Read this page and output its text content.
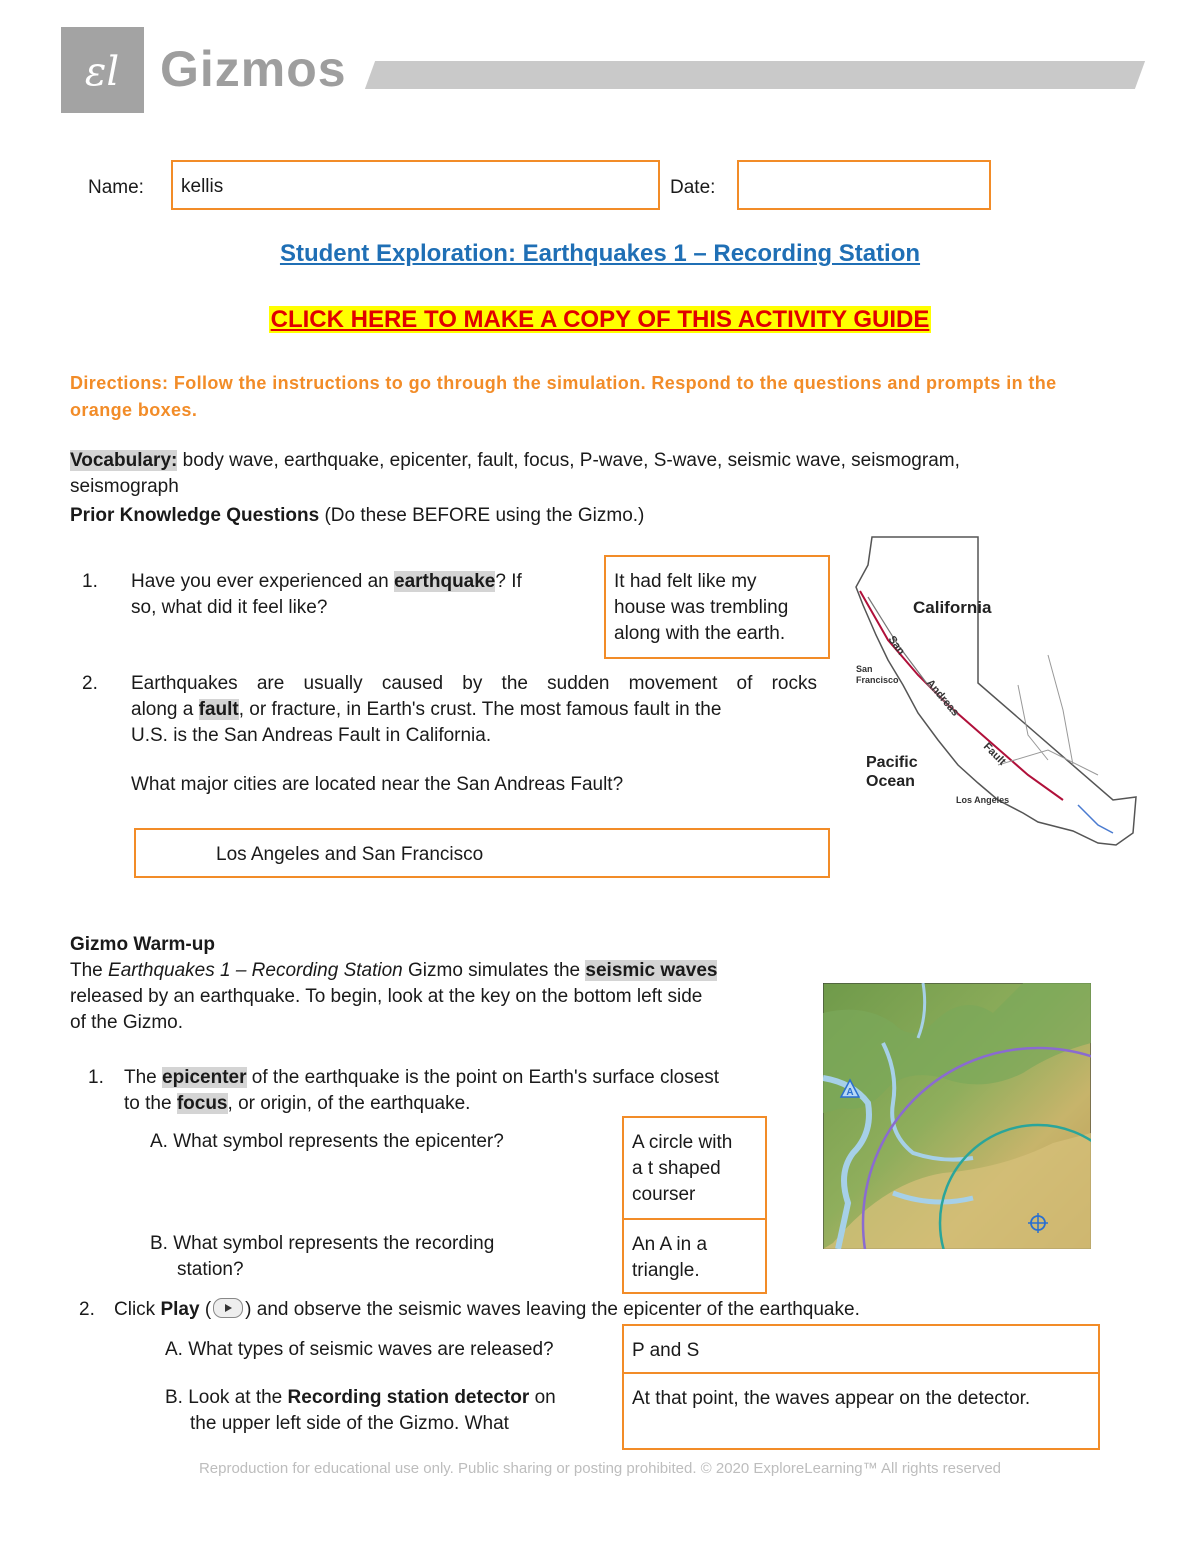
ɛl Gizmos
Name: kellis	Date:
Student Exploration: Earthquakes 1 – Recording Station
CLICK HERE TO MAKE A COPY OF THIS ACTIVITY GUIDE
Directions: Follow the instructions to go through the simulation. Respond to the questions and prompts in the orange boxes.
Vocabulary: body wave, earthquake, epicenter, fault, focus, P-wave, S-wave, seismic wave, seismogram,
seismograph
Prior Knowledge Questions (Do these BEFORE using the Gizmo.)
1. Have you ever experienced an earthquake? If
so, what did it feel like?
It had felt like my
house was trembling
along with the earth.
2. Earthquakes are usually caused by the sudden movement of rocks
along a fault, or fracture, in Earth's crust. The most famous fault in the
U.S. is the San Andreas Fault in California.
What major cities are located near the San Andreas Fault?
Los Angeles and San Francisco
California
San
Andreas
Fault
San
Francisco
Los Angeles
Pacific
Ocean
Gizmo Warm-up
The Earthquakes 1 – Recording Station Gizmo simulates the seismic waves
released by an earthquake. To begin, look at the key on the bottom left side
of the Gizmo.
A
1. The epicenter of the earthquake is the point on Earth's surface closest
to the focus, or origin, of the earthquake.
A. What symbol represents the epicenter?	A circle with
a t shaped
courser
B. What symbol represents the recording
station?
An A in a
triangle.
2. Click Play ( ) and observe the seismic waves leaving the epicenter of the earthquake.
A. What types of seismic waves are released?	P and S
B. Look at the Recording station detector on
the upper left side of the Gizmo. What
At that point, the waves appear on the detector.
Reproduction for educational use only. Public sharing or posting prohibited. © 2020 ExploreLearning™ All rights reserved
